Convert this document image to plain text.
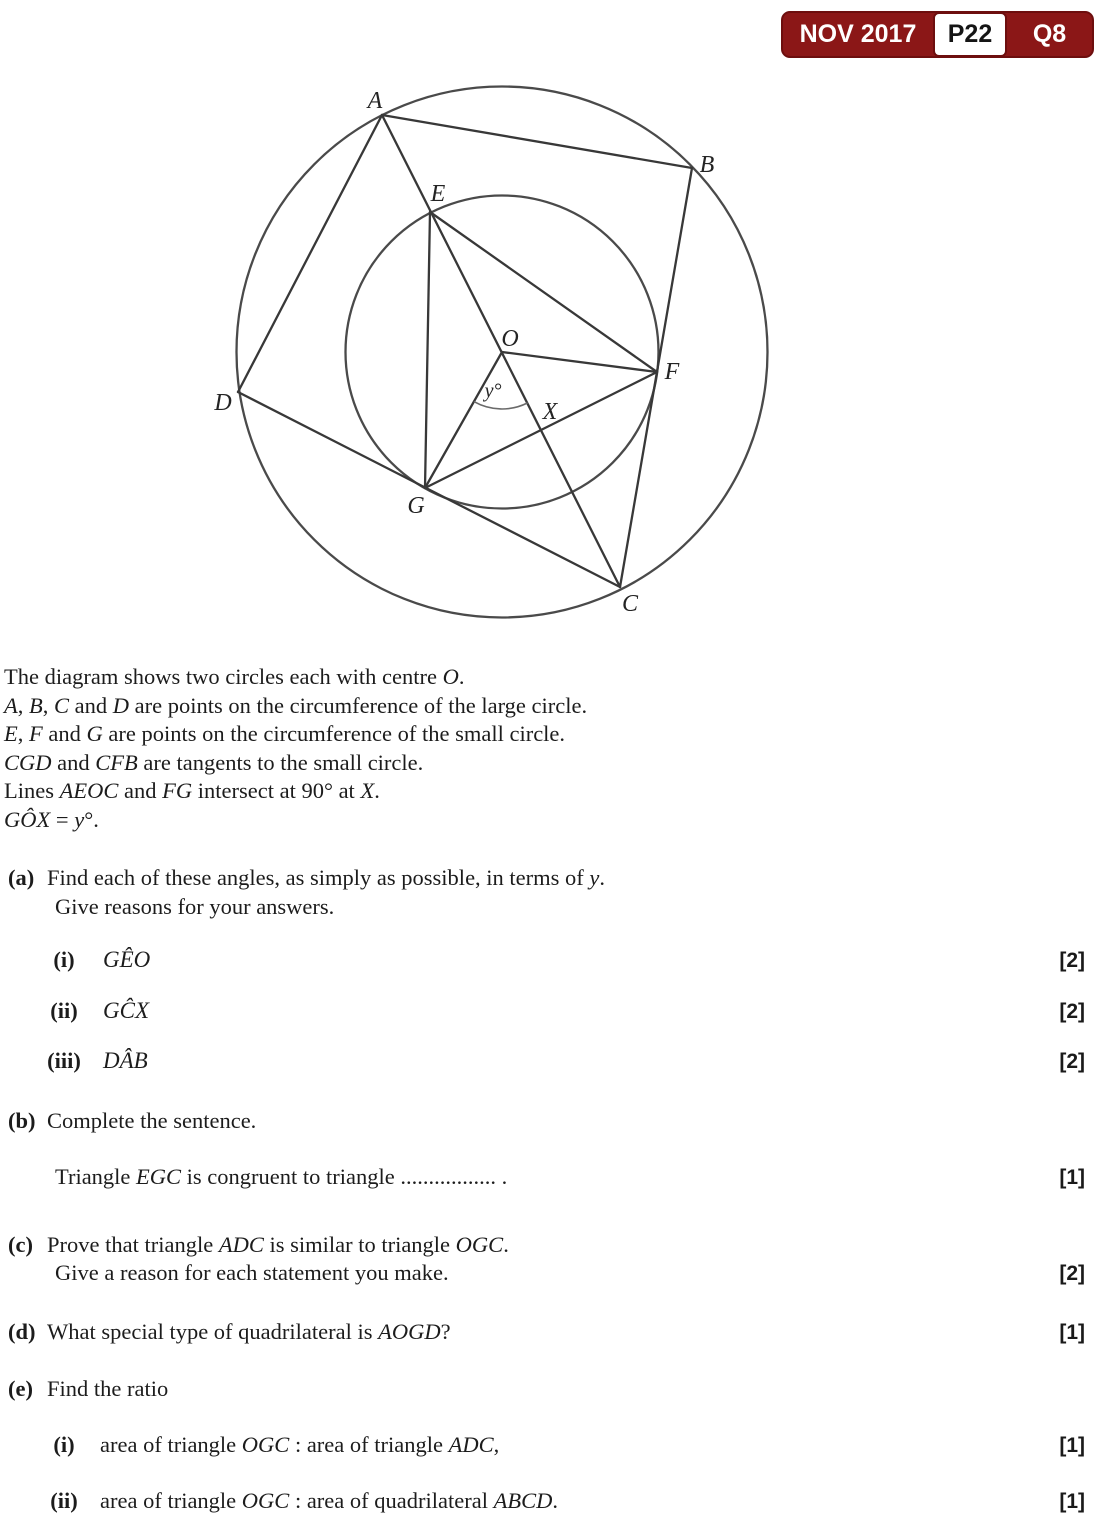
NOV 2017	P22	Q8
A
B
C
D
E
F
G
O
X
y°
The diagram shows two circles each with centre O.
A, B, C and D are points on the circumference of the large circle.
E, F and G are points on the circumference of the small circle.
CGD and CFB are tangents to the small circle.
Lines AEOC and FG intersect at 90° at X.
GÔX = y°.
(a) Find each of these angles, as simply as possible, in terms of y.
Give reasons for your answers.
(i)	GÊO	[2]
(ii)	GĈX	[2]
(iii) DÂB	[2]
(b) Complete the sentence.
Triangle EGC is congruent to triangle ................. .	[1]
(c) Prove that triangle ADC is similar to triangle OGC.
Give a reason for each statement you make.	[2]
(d) What special type of quadrilateral is AOGD?	[1]
(e) Find the ratio
(i)	area of triangle OGC : area of triangle ADC,	[1]
(ii) area of triangle OGC : area of quadrilateral ABCD.	[1]
